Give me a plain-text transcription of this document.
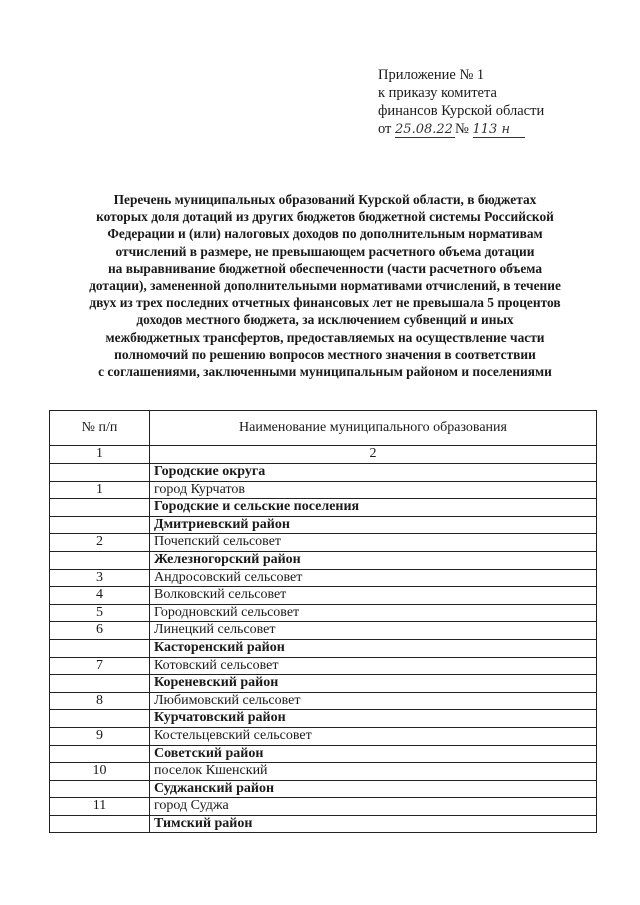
Приложение № 1
к приказу комитета
финансов Курской области
от 25.08.22 № 113 н
Перечень муниципальных образований Курской области, в бюджетах
которых доля дотаций из других бюджетов бюджетной системы Российской
Федерации и (или) налоговых доходов по дополнительным нормативам
отчислений в размере, не превышающем расчетного объема дотации
на выравнивание бюджетной обеспеченности (части расчетного объема
дотации), замененной дополнительными нормативами отчислений, в течение
двух из трех последних отчетных финансовых лет не превышала 5 процентов
доходов местного бюджета, за исключением субвенций и иных
межбюджетных трансфертов, предоставляемых на осуществление части
полномочий по решению вопросов местного значения в соответствии
с соглашениями, заключенными муниципальным районом и поселениями
№ п/п	Наименование муниципального образования
1	2
	Городские округа
1	город Курчатов
	Городские и сельские поселения
	Дмитриевский район
2	Почепский сельсовет
	Железногорский район
3	Андросовский сельсовет
4	Волковский сельсовет
5	Городновский сельсовет
6	Линецкий сельсовет
	Касторенский район
7	Котовский сельсовет
	Кореневский район
8	Любимовский сельсовет
	Курчатовский район
9	Костельцевский сельсовет
	Советский район
10	поселок Кшенский
	Суджанский район
11	город Суджа
	Тимский район
